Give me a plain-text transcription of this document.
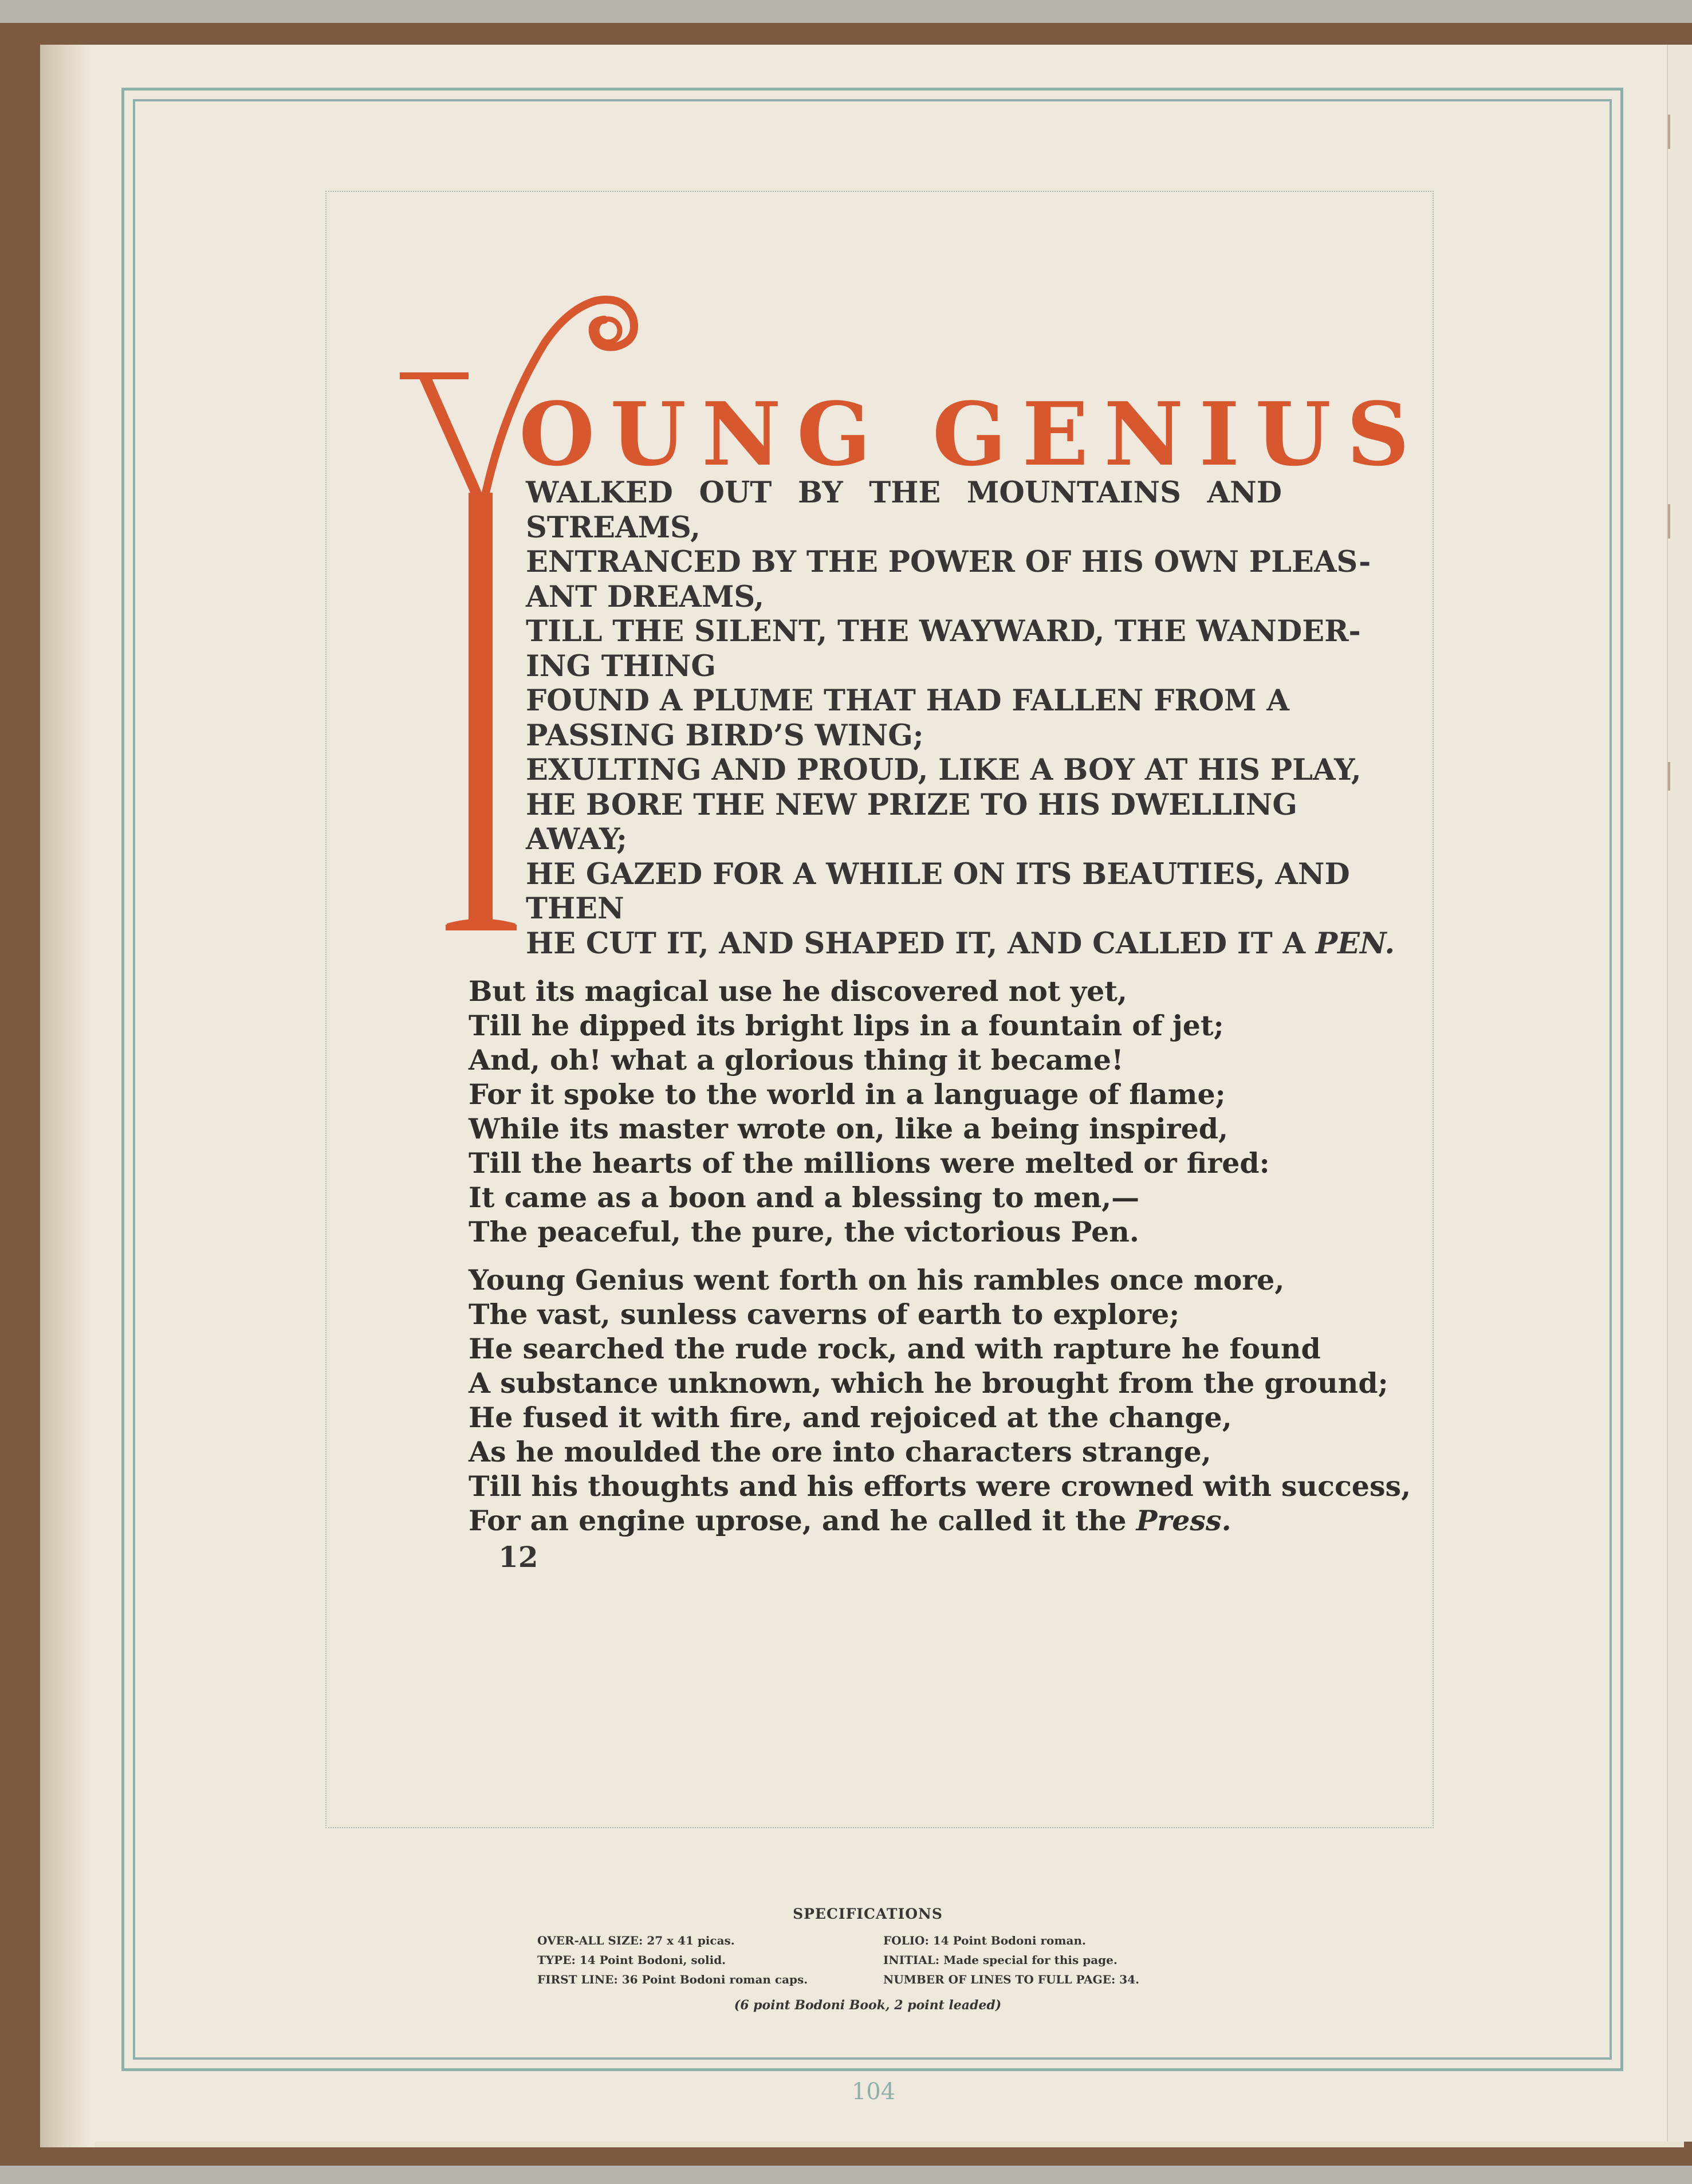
OUNG GENIUS
WALKED OUT BY THE MOUNTAINS AND
STREAMS,
ENTRANCED BY THE POWER OF HIS OWN PLEAS-
ANT DREAMS,
TILL THE SILENT, THE WAYWARD, THE WANDER-
ING THING
FOUND A PLUME THAT HAD FALLEN FROM A
PASSING BIRD’S WING;
EXULTING AND PROUD, LIKE A BOY AT HIS PLAY,
HE BORE THE NEW PRIZE TO HIS DWELLING
AWAY;
HE GAZED FOR A WHILE ON ITS BEAUTIES, AND
THEN
HE CUT IT, AND SHAPED IT, AND CALLED IT A PEN.
But its magical use he discovered not yet,
Till he dipped its bright lips in a fountain of jet;
And, oh! what a glorious thing it became!
For it spoke to the world in a language of flame;
While its master wrote on, like a being inspired,
Till the hearts of the millions were melted or fired:
It came as a boon and a blessing to men,—
The peaceful, the pure, the victorious Pen.
Young Genius went forth on his rambles once more,
The vast, sunless caverns of earth to explore;
He searched the rude rock, and with rapture he found
A substance unknown, which he brought from the ground;
He fused it with fire, and rejoiced at the change,
As he moulded the ore into characters strange,
Till his thoughts and his efforts were crowned with success,
For an engine uprose, and he called it the Press.
12
SPECIFICATIONS
OVER-ALL SIZE: 27 x 41 picas.
TYPE: 14 Point Bodoni, solid.
FIRST LINE: 36 Point Bodoni roman caps.
FOLIO: 14 Point Bodoni roman.
INITIAL: Made special for this page.
NUMBER OF LINES TO FULL PAGE: 34.
(6 point Bodoni Book, 2 point leaded)
104
